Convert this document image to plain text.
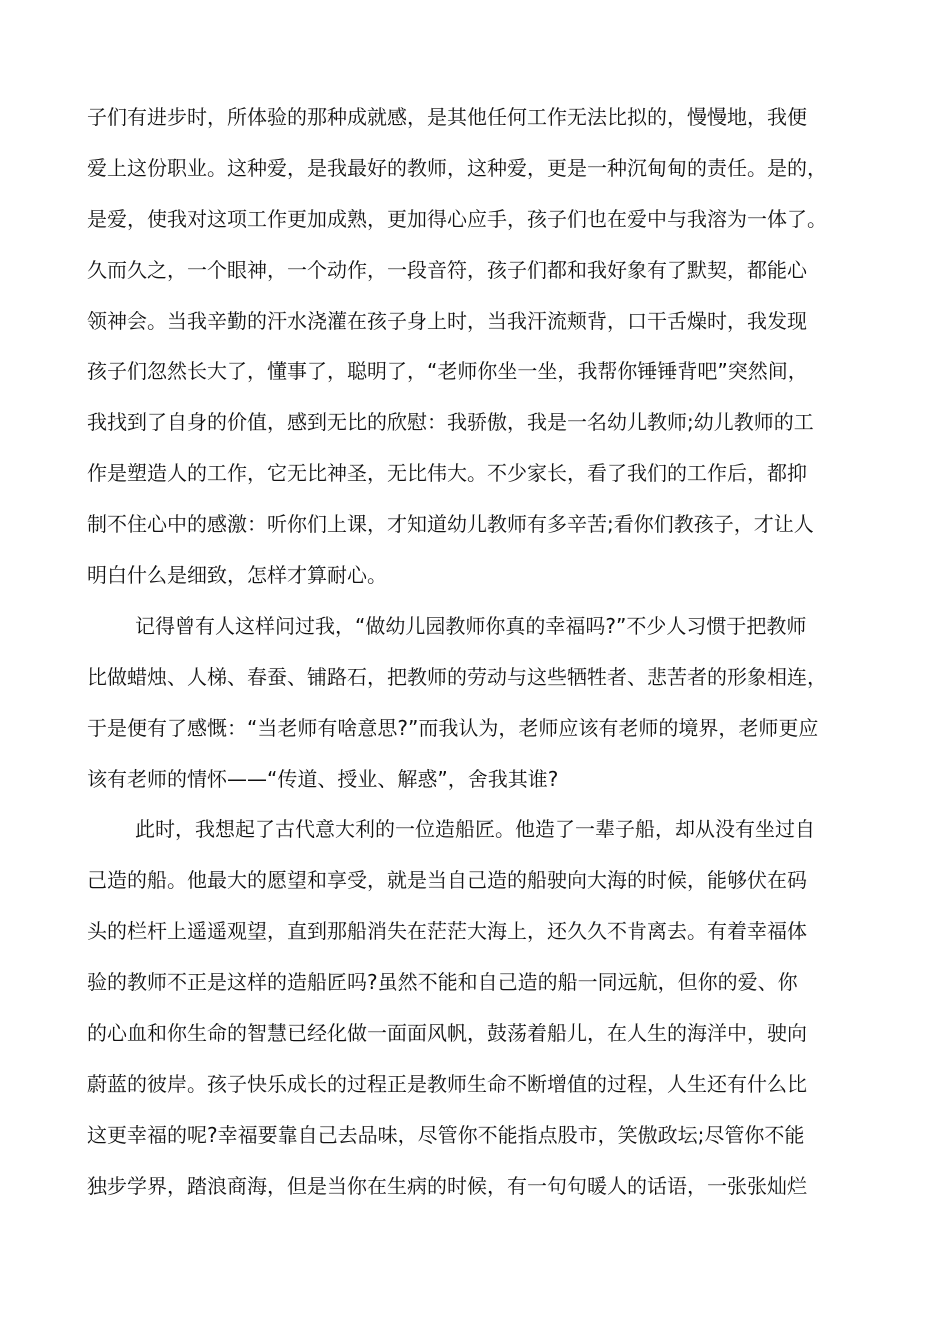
子们有进步时，所体验的那种成就感，是其他任何工作无法比拟的，慢慢地，我便
爱上这份职业。这种爱，是我最好的教师，这种爱，更是一种沉甸甸的责任。是的，
是爱，使我对这项工作更加成熟，更加得心应手，孩子们也在爱中与我溶为一体了。
久而久之，一个眼神，一个动作，一段音符，孩子们都和我好象有了默契，都能心
领神会。当我辛勤的汗水浇灌在孩子身上时，当我汗流颊背，口干舌燥时，我发现
孩子们忽然长大了，懂事了，聪明了，“老师你坐一坐，我帮你锤锤背吧”突然间，
我找到了自身的价值，感到无比的欣慰：我骄傲，我是一名幼儿教师;幼儿教师的工
作是塑造人的工作，它无比神圣，无比伟大。不少家长，看了我们的工作后，都抑
制不住心中的感激：听你们上课，才知道幼儿教师有多辛苦;看你们教孩子，才让人
明白什么是细致，怎样才算耐心。
记得曾有人这样问过我，“做幼儿园教师你真的幸福吗?”不少人习惯于把教师
比做蜡烛、人梯、春蚕、铺路石，把教师的劳动与这些牺牲者、悲苦者的形象相连，
于是便有了感慨：“当老师有啥意思?”而我认为，老师应该有老师的境界，老师更应
该有老师的情怀——“传道、授业、解惑”，舍我其谁?
此时，我想起了古代意大利的一位造船匠。他造了一辈子船，却从没有坐过自
己造的船。他最大的愿望和享受，就是当自己造的船驶向大海的时候，能够伏在码
头的栏杆上遥遥观望，直到那船消失在茫茫大海上，还久久不肯离去。有着幸福体
验的教师不正是这样的造船匠吗?虽然不能和自己造的船一同远航，但你的爱、你
的心血和你生命的智慧已经化做一面面风帆，鼓荡着船儿，在人生的海洋中，驶向
蔚蓝的彼岸。孩子快乐成长的过程正是教师生命不断增值的过程，人生还有什么比
这更幸福的呢?幸福要靠自己去品味，尽管你不能指点股市，笑傲政坛;尽管你不能
独步学界，踏浪商海，但是当你在生病的时候，有一句句暖人的话语，一张张灿烂
